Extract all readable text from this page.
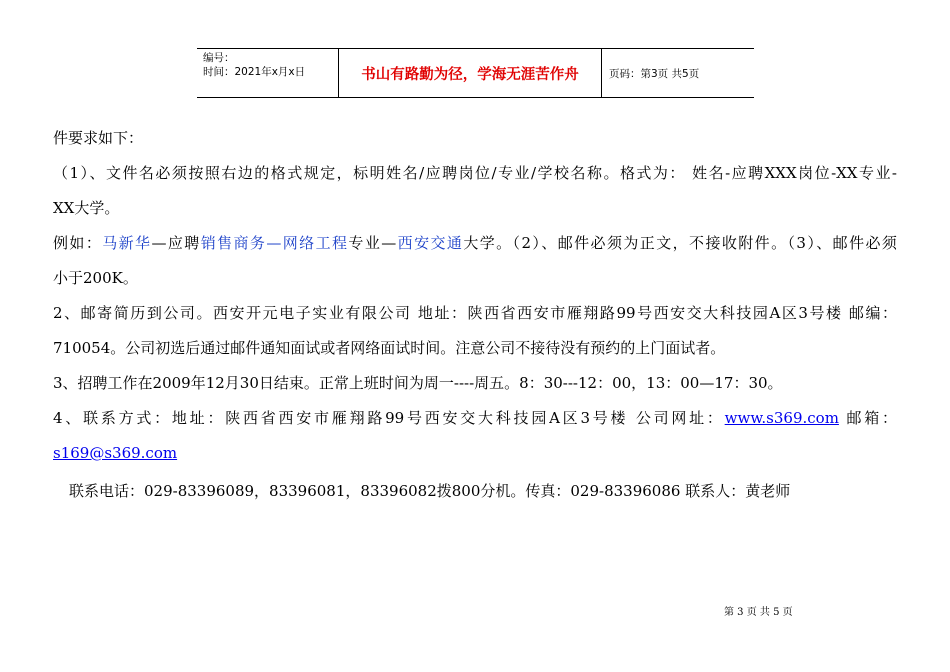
编号：
时间：2021年x月x日	书山有路勤为径，学海无涯苦作舟	页码：第3页 共5页
件要求如下：
（1）、文件名必须按照右边的格式规定，标明姓名/应聘岗位/专业/学校名称。格式为： 姓名-应聘XXX岗位-XX专业-
XX大学。
例如：马新华—应聘销售商务—网络工程专业—西安交通大学。（2）、邮件必须为正文，不接收附件。（3）、邮件必须
小于200K。
2、邮寄简历到公司。西安开元电子实业有限公司 地址：陕西省西安市雁翔路99号西安交大科技园A区3号楼 邮编：
710054。公司初选后通过邮件通知面试或者网络面试时间。注意公司不接待没有预约的上门面试者。
3、招聘工作在2009年12月30日结束。正常上班时间为周一----周五。8：30---12：00，13：00—17：30。
4、联系方式：地址：陕西省西安市雁翔路99号西安交大科技园A区3号楼 公司网址：www.s369.com 邮箱：
s169@s369.com
联系电话：029-83396089，83396081，83396082拨800分机。传真：029-83396086 联系人：黄老师
第 3 页 共 5 页
